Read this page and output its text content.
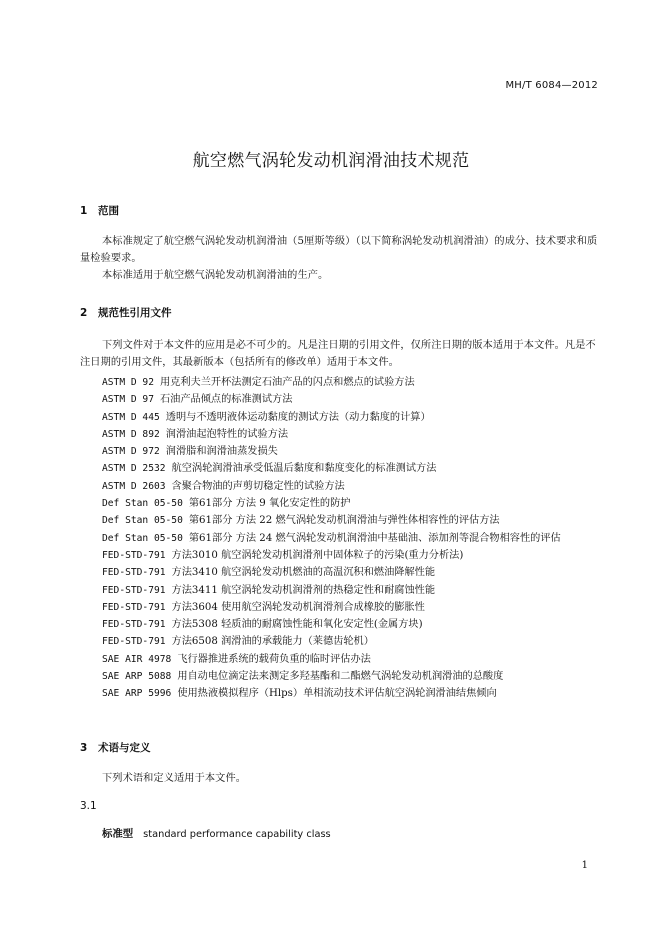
MH/T 6084—2012
航空燃气涡轮发动机润滑油技术规范
1 范围
本标准规定了航空燃气涡轮发动机润滑油（5厘斯等级）（以下简称涡轮发动机润滑油）的成分、技术要求和质量检验要求。
本标准适用于航空燃气涡轮发动机润滑油的生产。
2 规范性引用文件
下列文件对于本文件的应用是必不可少的。凡是注日期的引用文件，仅所注日期的版本适用于本文件。凡是不注日期的引用文件，其最新版本（包括所有的修改单）适用于本文件。
ASTM D 92 用克利夫兰开杯法测定石油产品的闪点和燃点的试验方法
ASTM D 97 石油产品倾点的标准测试方法
ASTM D 445 透明与不透明液体运动黏度的测试方法（动力黏度的计算）
ASTM D 892 润滑油起泡特性的试验方法
ASTM D 972 润滑脂和润滑油蒸发损失
ASTM D 2532 航空涡轮润滑油承受低温后黏度和黏度变化的标准测试方法
ASTM D 2603 含聚合物油的声剪切稳定性的试验方法
Def Stan 05-50 第61部分 方法 9 氧化安定性的防护
Def Stan 05-50 第61部分 方法 22 燃气涡轮发动机润滑油与弹性体相容性的评估方法
Def Stan 05-50 第61部分 方法 24 燃气涡轮发动机润滑油中基础油、添加剂等混合物相容性的评估
FED-STD-791 方法3010 航空涡轮发动机润滑剂中固体粒子的污染(重力分析法)
FED-STD-791 方法3410 航空涡轮发动机燃油的高温沉积和燃油降解性能
FED-STD-791 方法3411 航空涡轮发动机润滑剂的热稳定性和耐腐蚀性能
FED-STD-791 方法3604 使用航空涡轮发动机润滑剂合成橡胶的膨胀性
FED-STD-791 方法5308 轻质油的耐腐蚀性能和氧化安定性(金属方块)
FED-STD-791 方法6508 润滑油的承载能力（莱德齿轮机）
SAE AIR 4978 飞行器推进系统的载荷负重的临时评估办法
SAE ARP 5088 用自动电位滴定法来测定多羟基酯和二酯燃气涡轮发动机润滑油的总酸度
SAE ARP 5996 使用热液模拟程序（Hlps）单相流动技术评估航空涡轮润滑油结焦倾向
3 术语与定义
下列术语和定义适用于本文件。
3.1
标准型 standard performance capability class
1
